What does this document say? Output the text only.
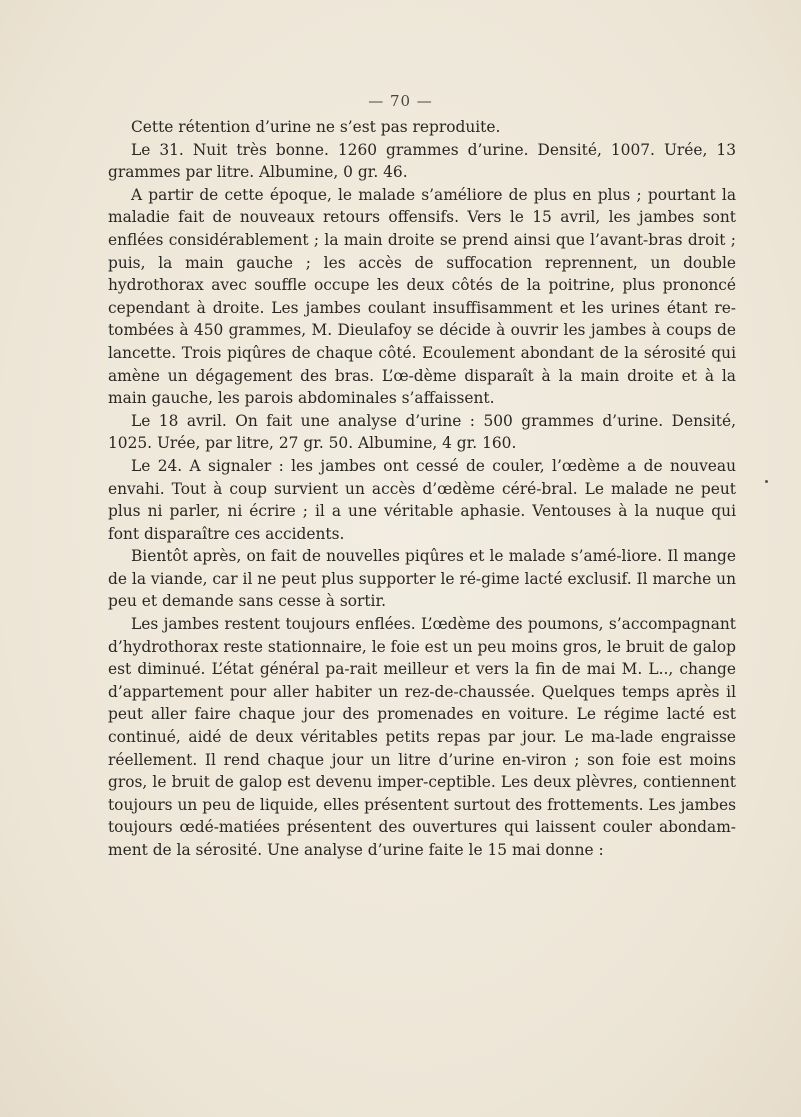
— 70 —

Cette rétention d’urine ne s’est pas reproduite.

Le 31. Nuit très bonne. 1260 grammes d’urine. Densité, 1007. Urée, 13 grammes par litre. Albumine, 0 gr. 46.

A partir de cette époque, le malade s’améliore de plus en plus ; pourtant la maladie fait de nouveaux retours offensifs. Vers le 15 avril, les jambes sont enflées considérablement ; la main droite se prend ainsi que l’avant-bras droit ; puis, la main gauche ; les accès de suffocation reprennent, un double hydrothorax avec souffle occupe les deux côtés de la poitrine, plus prononcé cependant à droite. Les jambes coulant insuffisamment et les urines étant re-tombées à 450 grammes, M. Dieulafoy se décide à ouvrir les jambes à coups de lancette. Trois piqûres de chaque côté. Ecoulement abondant de la sérosité qui amène un dégagement des bras. L’œ-dème disparaît à la main droite et à la main gauche, les parois abdominales s’affaissent.

Le 18 avril. On fait une analyse d’urine : 500 grammes d’urine. Densité, 1025. Urée, par litre, 27 gr. 50. Albumine, 4 gr. 160.

Le 24. A signaler : les jambes ont cessé de couler, l’œdème a de nouveau envahi. Tout à coup survient un accès d’œdème céré-bral. Le malade ne peut plus ni parler, ni écrire ; il a une véritable aphasie. Ventouses à la nuque qui font disparaître ces accidents.

Bientôt après, on fait de nouvelles piqûres et le malade s’amé-liore. Il mange de la viande, car il ne peut plus supporter le ré-gime lacté exclusif. Il marche un peu et demande sans cesse à sortir.

Les jambes restent toujours enflées. L’œdème des poumons, s’accompagnant d’hydrothorax reste stationnaire, le foie est un peu moins gros, le bruit de galop est diminué. L’état général pa-rait meilleur et vers la fin de mai M. L.., change d’appartement pour aller habiter un rez-de-chaussée. Quelques temps après il peut aller faire chaque jour des promenades en voiture. Le régime lacté est continué, aidé de deux véritables petits repas par jour. Le ma-lade engraisse réellement. Il rend chaque jour un litre d’urine en-viron ; son foie est moins gros, le bruit de galop est devenu imper-ceptible. Les deux plèvres, contiennent toujours un peu de liquide, elles présentent surtout des frottements. Les jambes toujours œdé-matiées présentent des ouvertures qui laissent couler abondam-ment de la sérosité. Une analyse d’urine faite le 15 mai donne :
